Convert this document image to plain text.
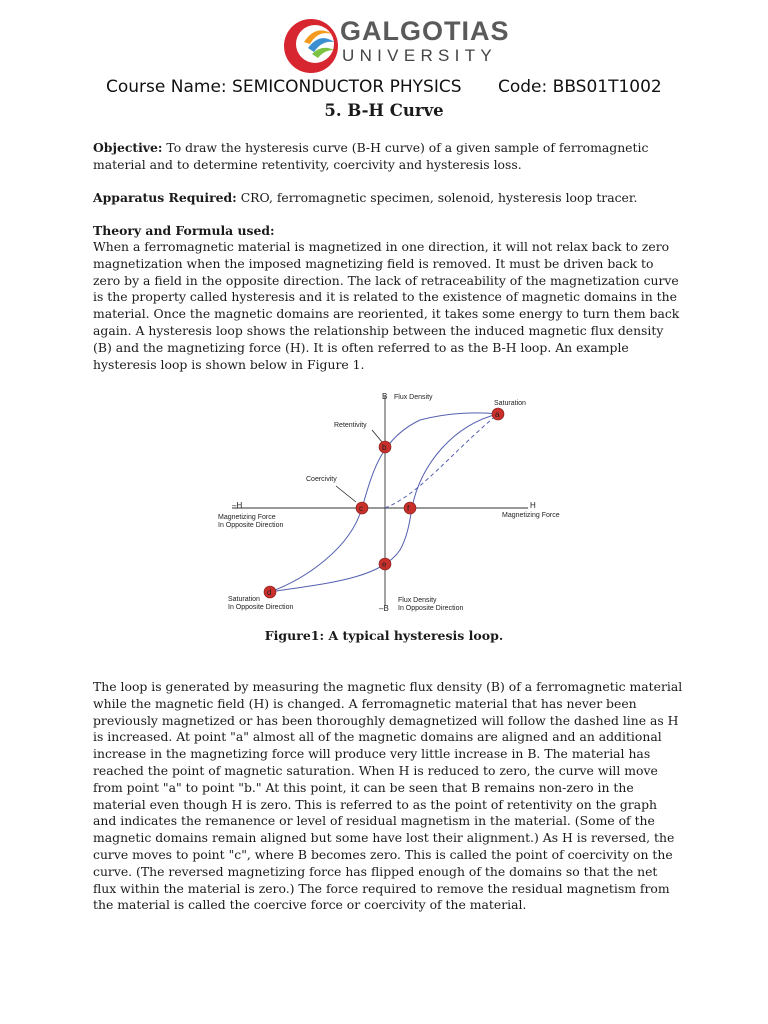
GALGOTIAS
UNIVERSITY
Course Name: SEMICONDUCTOR PHYSICS Code: BBS01T1002
5. B-H Curve
Objective: To draw the hysteresis curve (B-H curve) of a given sample of ferromagnetic material and to determine retentivity, coercivity and hysteresis loss.
Apparatus Required: CRO, ferromagnetic specimen, solenoid, hysteresis loop tracer.
Theory and Formula used:
When a ferromagnetic material is magnetized in one direction, it will not relax back to zero magnetization when the imposed magnetizing field is removed. It must be driven back to zero by a field in the opposite direction. The lack of retraceability of the magnetization curve is the property called hysteresis and it is related to the existence of magnetic domains in the material. Once the magnetic domains are reoriented, it takes some energy to turn them back again. A hysteresis loop shows the relationship between the induced magnetic flux density (B) and the magnetizing force (H). It is often referred to as the B-H loop. An example hysteresis loop is shown below in Figure 1.
a
b
c
d
e
f
B Flux Density
Saturation
Retentivity
Coercivity
–H
Magnetizing Force
In Opposite Direction
H
Magnetizing Force
Saturation
In Opposite Direction	–B
Flux Density
In Opposite Direction
Figure1: A typical hysteresis loop.
The loop is generated by measuring the magnetic flux density (B) of a ferromagnetic material while the magnetic field (H) is changed. A ferromagnetic material that has never been previously magnetized or has been thoroughly demagnetized will follow the dashed line as H is increased. At point "a" almost all of the magnetic domains are aligned and an additional increase in the magnetizing force will produce very little increase in B. The material has reached the point of magnetic saturation. When H is reduced to zero, the curve will move from point "a" to point "b." At this point, it can be seen that B remains non-zero in the material even though H is zero. This is referred to as the point of retentivity on the graph and indicates the remanence or level of residual magnetism in the material. (Some of the magnetic domains remain aligned but some have lost their alignment.) As H is reversed, the curve moves to point "c", where B becomes zero. This is called the point of coercivity on the curve. (The reversed magnetizing force has flipped enough of the domains so that the net flux within the material is zero.) The force required to remove the residual magnetism from the material is called the coercive force or coercivity of the material.
